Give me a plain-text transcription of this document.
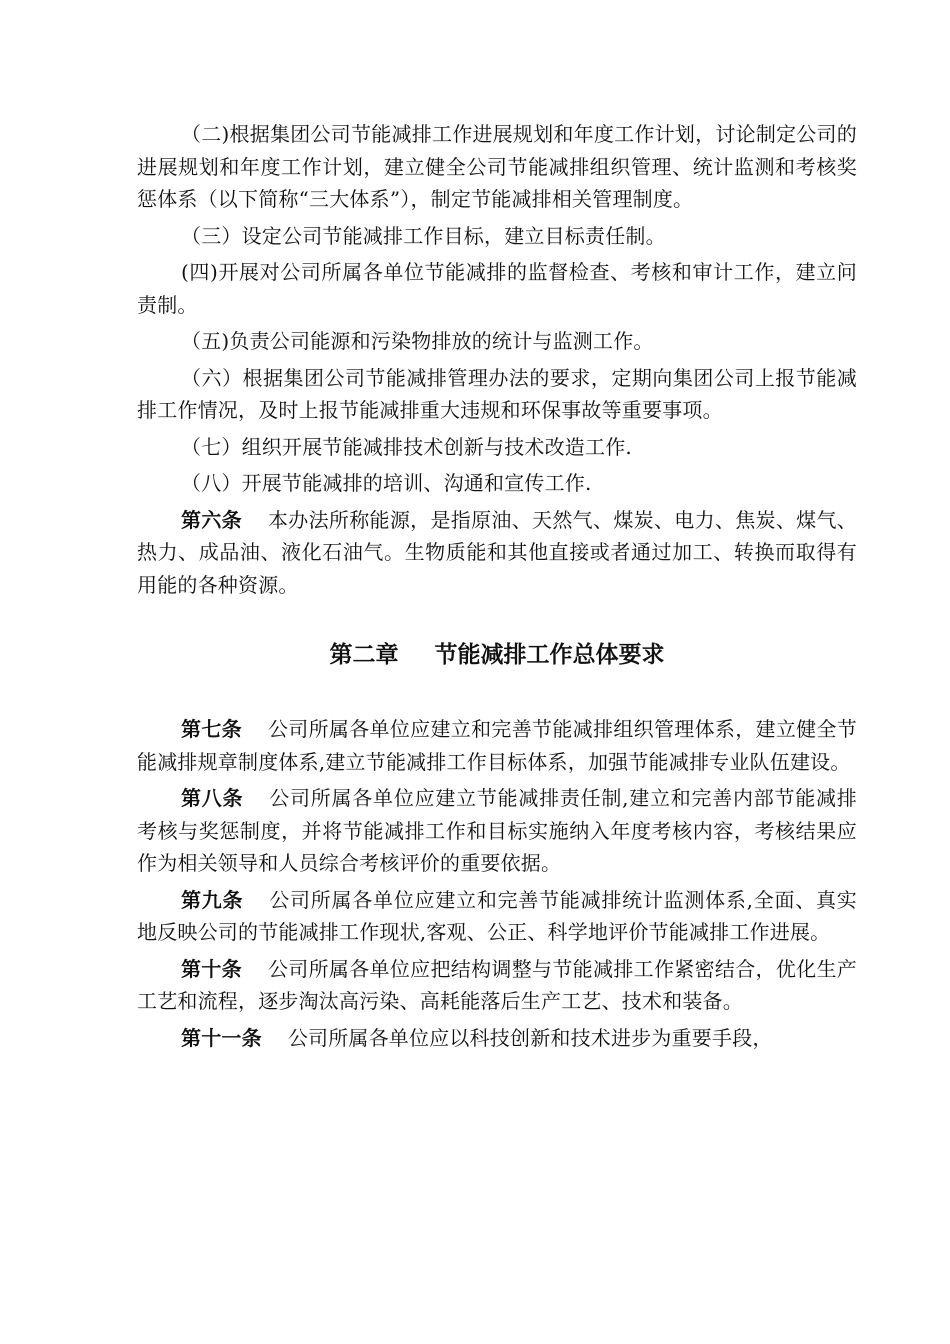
（二)根据集团公司节能减排工作进展规划和年度工作计划，讨论制定公司的进展规划和年度工作计划，建立健全公司节能减排组织管理、统计监测和考核奖惩体系（以下简称“三大体系”），制定节能减排相关管理制度。

（三）设定公司节能减排工作目标，建立目标责任制。

(四)开展对公司所属各单位节能减排的监督检查、考核和审计工作，建立问责制。

（五)负责公司能源和污染物排放的统计与监测工作。

（六）根据集团公司节能减排管理办法的要求，定期向集团公司上报节能减排工作情况，及时上报节能减排重大违规和环保事故等重要事项。

（七）组织开展节能减排技术创新与技术改造工作.

（八）开展节能减排的培训、沟通和宣传工作.

第六条 本办法所称能源，是指原油、天然气、煤炭、电力、焦炭、煤气、热力、成品油、液化石油气。生物质能和其他直接或者通过加工、转换而取得有用能的各种资源。

第二章 节能减排工作总体要求

第七条 公司所属各单位应建立和完善节能减排组织管理体系，建立健全节能减排规章制度体系,建立节能减排工作目标体系，加强节能减排专业队伍建设。

第八条 公司所属各单位应建立节能减排责任制,建立和完善内部节能减排考核与奖惩制度，并将节能减排工作和目标实施纳入年度考核内容，考核结果应作为相关领导和人员综合考核评价的重要依据。

第九条 公司所属各单位应建立和完善节能减排统计监测体系,全面、真实地反映公司的节能减排工作现状,客观、公正、科学地评价节能减排工作进展。

第十条 公司所属各单位应把结构调整与节能减排工作紧密结合，优化生产工艺和流程，逐步淘汰高污染、高耗能落后生产工艺、技术和装备。

第十一条 公司所属各单位应以科技创新和技术进步为重要手段，
